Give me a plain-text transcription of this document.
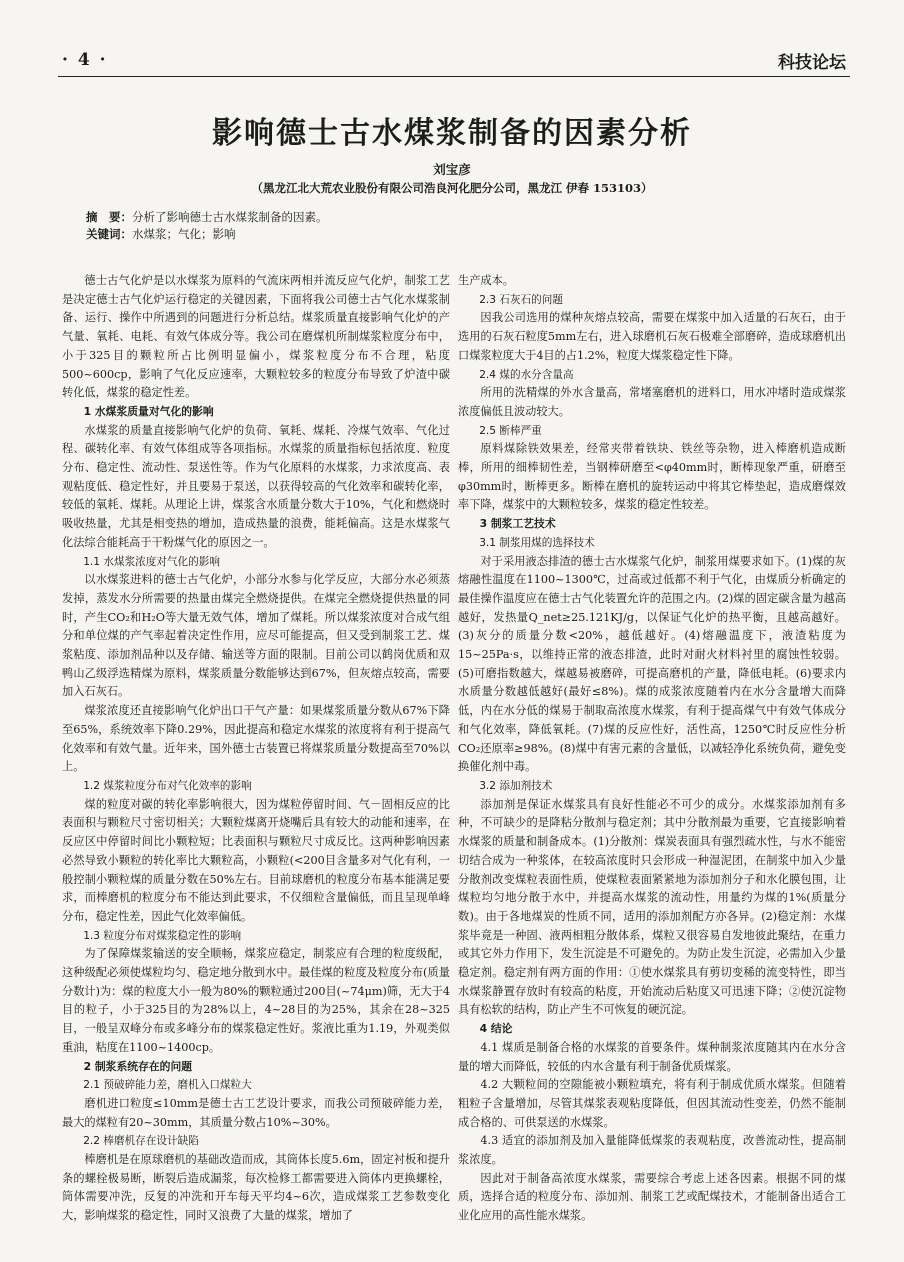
· 4 ·	科技论坛
影响德士古水煤浆制备的因素分析
刘宝彦
（黑龙江北大荒农业股份有限公司浩良河化肥分公司，黑龙江 伊春 153103）
摘　要：分析了影响德士古水煤浆制备的因素。
关键词：水煤浆；气化；影响

德士古气化炉是以水煤浆为原料的气流床两相并流反应气化炉，制浆工艺是决定德士古气化炉运行稳定的关键因素，下面将我公司德士古气化水煤浆制备、运行、操作中所遇到的问题进行分析总结。煤浆质量直接影响气化炉的产气量、氧耗、电耗、有效气体成分等。我公司在磨煤机所制煤浆粒度分布中，小于325目的颗粒所占比例明显偏小，煤浆粒度分布不合理，粘度500~600cp，影响了气化反应速率，大颗粒较多的粒度分布导致了炉渣中碳转化低，煤浆的稳定性差。

1 水煤浆质量对气化的影响

水煤浆的质量直接影响气化炉的负荷、氧耗、煤耗、冷煤气效率、气化过程、碳转化率、有效气体组成等各项指标。水煤浆的质量指标包括浓度、粒度分布、稳定性、流动性、泵送性等。作为气化原料的水煤浆，力求浓度高、表观粘度低、稳定性好，并且要易于泵送，以获得较高的气化效率和碳转化率，较低的氧耗、煤耗。从理论上讲，煤浆含水质量分数大于10%，气化和燃烧时吸收热量，尤其是相变热的增加，造成热量的浪费，能耗偏高。这是水煤浆气化法综合能耗高于干粉煤气化的原因之一。

1.1 水煤浆浓度对气化的影响

以水煤浆进料的德士古气化炉，小部分水参与化学反应，大部分水必须蒸发掉，蒸发水分所需要的热量由煤完全燃烧提供。在煤完全燃烧提供热量的同时，产生CO₂和H₂O等大量无效气体，增加了煤耗。所以煤浆浓度对合成气组分和单位煤的产气率起着决定性作用，应尽可能提高，但又受到制浆工艺、煤浆粘度、添加剂品种以及存储、输送等方面的限制。目前公司以鹤岗优质和双鸭山乙级浮选精煤为原料，煤浆质量分数能够达到67%，但灰熔点较高，需要加入石灰石。

煤浆浓度还直接影响气化炉出口干气产量：如果煤浆质量分数从67%下降至65%，系统效率下降0.29%，因此提高和稳定水煤浆的浓度将有利于提高气化效率和有效气量。近年来，国外德士古装置已将煤浆质量分数提高至70%以上。

1.2 煤浆粒度分布对气化效率的影响

煤的粒度对碳的转化率影响很大，因为煤粒停留时间、气－固相反应的比表面积与颗粒尺寸密切相关；大颗粒煤离开烧嘴后具有较大的动能和速率，在反应区中停留时间比小颗粒短；比表面积与颗粒尺寸成反比。这两种影响因素必然导致小颗粒的转化率比大颗粒高，小颗粒(<200目含量多对气化有利，一般控制小颗粒煤的质量分数在50%左右。目前球磨机的粒度分布基本能满足要求，而棒磨机的粒度分布不能达到此要求，不仅细粒含量偏低，而且呈现单峰分布，稳定性差，因此气化效率偏低。

1.3 粒度分布对煤浆稳定性的影响

为了保障煤浆输送的安全顺畅，煤浆应稳定，制浆应有合理的粒度级配，这种级配必须使煤粒均匀、稳定地分散到水中。最佳煤的粒度及粒度分布(质量分数计)为：煤的粒度大小一般为80%的颗粒通过200目(~74μm)筛，无大于4目的粒子，小于325目的为28%以上，4~28目的为25%，其余在28~325目，一般呈双峰分布或多峰分布的煤浆稳定性好。浆液比重为1.19，外观类似重油，粘度在1100~1400cp。

2 制浆系统存在的问题

2.1 预破碎能力差，磨机入口煤粒大

磨机进口粒度≤10mm是德士古工艺设计要求，而我公司预破碎能力差，最大的煤粒有20~30mm，其质量分数占10%~30%。

2.2 棒磨机存在设计缺陷

棒磨机是在原球磨机的基础改造而成，其筒体长度5.6m，固定衬板和提升条的螺栓极易断，断裂后造成漏浆，每次检修工都需要进入筒体内更换螺栓，筒体需要冲洗，反复的冲洗和开车每天平均4~6次，造成煤浆工艺参数变化大，影响煤浆的稳定性，同时又浪费了大量的煤浆，增加了

生产成本。

2.3 石灰石的问题

因我公司选用的煤种灰熔点较高，需要在煤浆中加入适量的石灰石，由于选用的石灰石粒度5mm左右，进入球磨机石灰石极难全部磨碎，造成球磨机出口煤浆粒度大于4目的占1.2%，粒度大煤浆稳定性下降。

2.4 煤的水分含量高

所用的洗精煤的外水含量高，常堵塞磨机的进料口，用水冲堵时造成煤浆浓度偏低且波动较大。

2.5 断棒严重

原料煤除铁效果差，经常夹带着铁块、铁丝等杂物，进入棒磨机造成断棒，所用的细棒韧性差，当钢棒研磨至<φ40mm时，断棒现象严重，研磨至φ30mm时，断棒更多。断棒在磨机的旋转运动中将其它棒垫起，造成磨煤效率下降，煤浆中的大颗粒较多，煤浆的稳定性较差。

3 制浆工艺技术

3.1 制浆用煤的选择技术

对于采用液态排渣的德士古水煤浆气化炉，制浆用煤要求如下。(1)煤的灰熔融性温度在1100~1300℃，过高或过低都不利于气化，由煤质分析确定的最佳操作温度应在德士古气化装置允许的范围之内。(2)煤的固定碳含量为越高越好，发热量Q_net≥25.121KJ/g，以保证气化炉的热平衡，且越高越好。(3)灰分的质量分数<20%，越低越好。(4)熔融温度下，液渣粘度为15~25Pa·s，以维持正常的液态排渣，此时对耐火材料衬里的腐蚀性较弱。(5)可磨指数越大，煤越易被磨碎，可提高磨机的产量，降低电耗。(6)要求内水质量分数越低越好(最好≤8%)。煤的成浆浓度随着内在水分含量增大而降低，内在水分低的煤易于制取高浓度水煤浆，有利于提高煤气中有效气体成分和气化效率，降低氧耗。(7)煤的反应性好，活性高，1250℃时反应性分析CO₂还原率≥98%。(8)煤中有害元素的含量低，以减轻净化系统负荷，避免变换催化剂中毒。

3.2 添加剂技术

添加剂是保证水煤浆具有良好性能必不可少的成分。水煤浆添加剂有多种，不可缺少的是降粘分散剂与稳定剂；其中分散剂最为重要，它直接影响着水煤浆的质量和制备成本。(1)分散剂：煤炭表面具有强烈疏水性，与水不能密切结合成为一种浆体，在较高浓度时只会形成一种湿泥团，在制浆中加入少量分散剂改变煤粒表面性质，使煤粒表面紧紧地为添加剂分子和水化膜包围，让煤粒均匀地分散于水中，并提高水煤浆的流动性，用量约为煤的1%(质量分数)。由于各地煤炭的性质不同，适用的添加剂配方亦各异。(2)稳定剂：水煤浆毕竟是一种固、液两相粗分散体系，煤粒又很容易自发地彼此聚结，在重力或其它外力作用下，发生沉淀是不可避免的。为防止发生沉淀，必需加入少量稳定剂。稳定剂有两方面的作用：①使水煤浆具有剪切变稀的流变特性，即当水煤浆静置存放时有较高的粘度，开始流动后粘度又可迅速下降；②使沉淀物具有松软的结构，防止产生不可恢复的硬沉淀。

4 结论

4.1 煤质是制备合格的水煤浆的首要条件。煤种制浆浓度随其内在水分含量的增大而降低，较低的内水含量有利于制备优质煤浆。

4.2 大颗粒间的空隙能被小颗粒填充，将有利于制成优质水煤浆。但随着粗粒子含量增加，尽管其煤浆表观粘度降低，但因其流动性变差，仍然不能制成合格的、可供泵送的水煤浆。

4.3 适宜的添加剂及加入量能降低煤浆的表观粘度，改善流动性，提高制浆浓度。

因此对于制备高浓度水煤浆，需要综合考虑上述各因素。根据不同的煤质，选择合适的粒度分布、添加剂、制浆工艺或配煤技术，才能制备出适合工业化应用的高性能水煤浆。
